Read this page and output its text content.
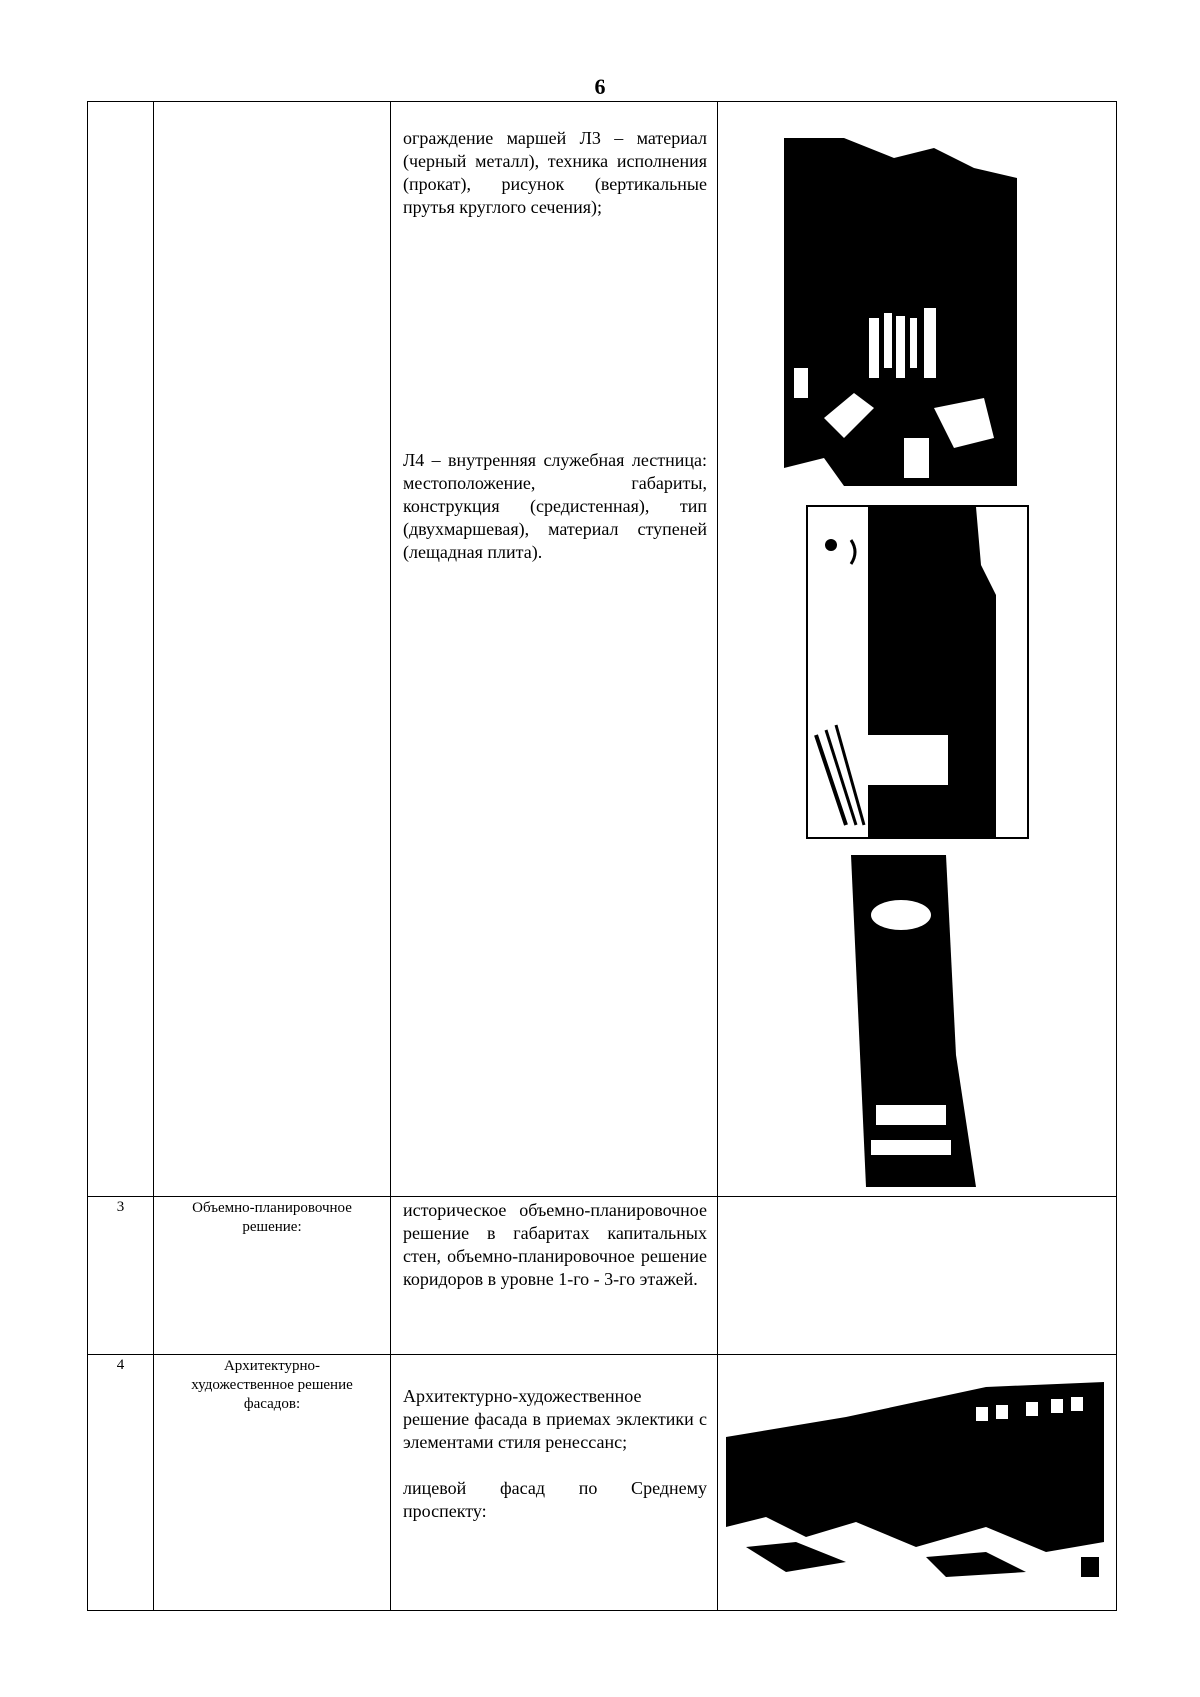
6

		ограждение маршей Л3 – материал (черный металл), техника исполнения (прокат), рисунок (вертикальные прутья круглого сечения);

Л4 – внутренняя служебная лестница: местоположение, габариты, конструкция (средистенная), тип (двухмаршевая), материал ступеней (лещадная плита).

3	Объемно-планировочное решение:	историческое объемно-планировочное решение в габаритах капитальных стен, объемно-планировочное решение коридоров в уровне 1-го - 3-го этажей.	

4	Архитектурно-художественное решение фасадов:	Архитектурно-художественное решение фасада в приемах эклектики с элементами стиля ренессанс;

лицевой фасад по Среднему проспекту:
